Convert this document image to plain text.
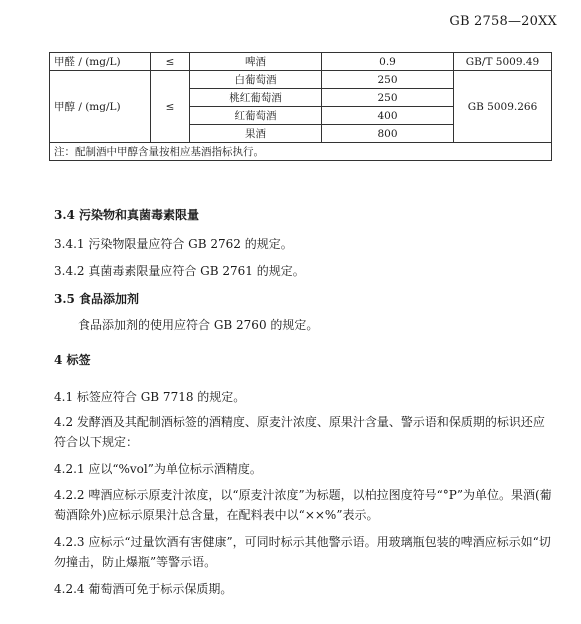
GB 2758—20XX
甲醛 / (mg/L)	≤	啤酒	0.9	GB/T 5009.49
甲醇 / (mg/L)	≤	白葡萄酒	250	GB 5009.266
		桃红葡萄酒	250	
		红葡萄酒	400	
		果酒	800	
注：配制酒中甲醇含量按相应基酒指标执行。				
3.4 污染物和真菌毒素限量
3.4.1 污染物限量应符合 GB 2762 的规定。
3.4.2 真菌毒素限量应符合 GB 2761 的规定。
3.5 食品添加剂
食品添加剂的使用应符合 GB 2760 的规定。
4 标签
4.1 标签应符合 GB 7718 的规定。
4.2 发酵酒及其配制酒标签的酒精度、原麦汁浓度、原果汁含量、警示语和保质期的标识还应符合以下规定：
4.2.1 应以“%vol”为单位标示酒精度。
4.2.2 啤酒应标示原麦汁浓度，以“原麦汁浓度”为标题，以柏拉图度符号“°P”为单位。果酒(葡萄酒除外)应标示原果汁总含量，在配料表中以“××%”表示。
4.2.3 应标示“过量饮酒有害健康”，可同时标示其他警示语。用玻璃瓶包装的啤酒应标示如“切勿撞击，防止爆瓶”等警示语。
4.2.4 葡萄酒可免于标示保质期。
